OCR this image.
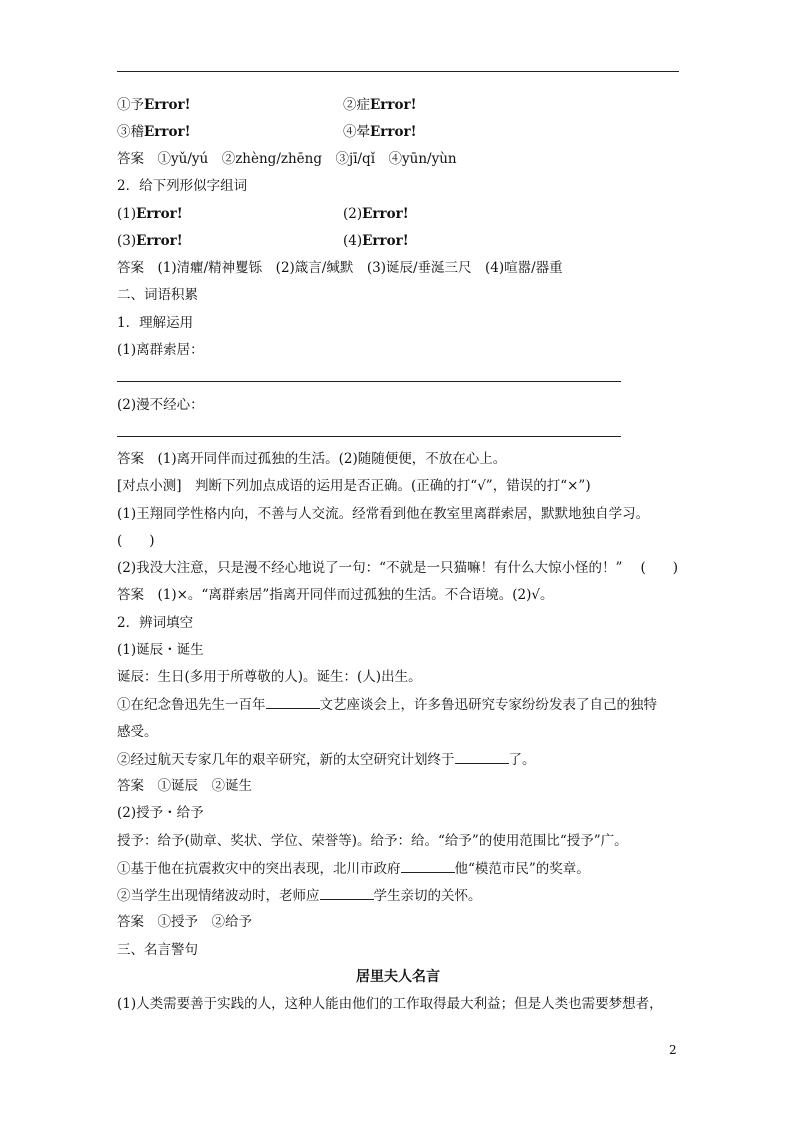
①予Error!	②症Error!
③稽Error!	④晕Error!
答案　①yǔ/yú　②zhèng/zhēng　③jī/qǐ　④yūn/yùn
2．给下列形似字组词
(1)Error!	(2)Error!
(3)Error!	(4)Error!
答案　(1)清癯/精神矍铄　(2)箴言/缄默　(3)诞辰/垂涎三尺　(4)喧嚣/器重
二、词语积累
1．理解运用
(1)离群索居：
(2)漫不经心：
答案　(1)离开同伴而过孤独的生活。(2)随随便便，不放在心上。
[对点小测]　判断下列加点成语的运用是否正确。(正确的打“√”，错误的打“×”)
(1)王翔同学性格内向，不善与人交流。经常看到他在教室里离群索居，默默地独自学习。
(　　)
(2)我没大注意，只是漫不经心地说了一句：“不就是一只猫嘛！有什么大惊小怪的！” (　　)
答案　(1)×。“离群索居”指离开同伴而过孤独的生活。不合语境。(2)√。
2．辨词填空
(1)诞辰・诞生
诞辰：生日(多用于所尊敬的人)。诞生：(人)出生。
①在纪念鲁迅先生一百年	文艺座谈会上，许多鲁迅研究专家纷纷发表了自己的独特
感受。
②经过航天专家几年的艰辛研究，新的太空研究计划终于	了。
答案　①诞辰　②诞生
(2)授予・给予
授予：给予(勋章、奖状、学位、荣誉等)。给予：给。“给予”的使用范围比“授予”广。
①基于他在抗震救灾中的突出表现，北川市政府	他“模范市民”的奖章。
②当学生出现情绪波动时，老师应	学生亲切的关怀。
答案　①授予　②给予
三、名言警句
居里夫人名言
(1)人类需要善于实践的人，这种人能由他们的工作取得最大利益；但是人类也需要梦想者，
2
